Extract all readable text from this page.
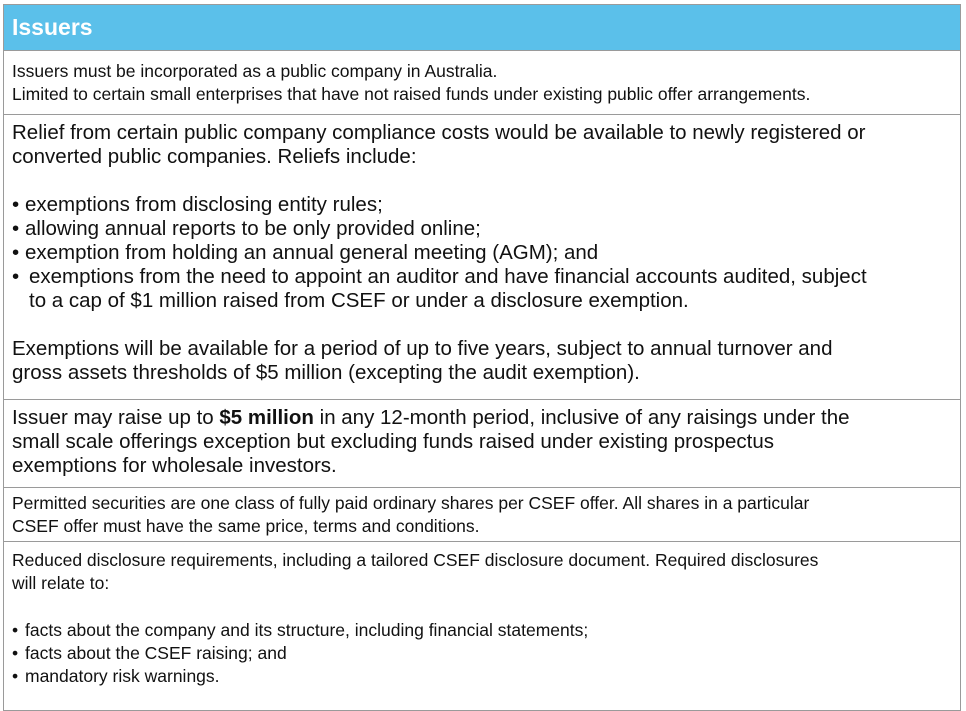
Issuers
Issuers must be incorporated as a public company in Australia.
Limited to certain small enterprises that have not raised funds under existing public offer arrangements.
Relief from certain public company compliance costs would be available to newly registered or
converted public companies. Reliefs include:
• exemptions from disclosing entity rules;
• allowing annual reports to be only provided online;
• exemption from holding an annual general meeting (AGM); and
• exemptions from the need to appoint an auditor and have financial accounts audited, subject
to a cap of $1 million raised from CSEF or under a disclosure exemption.
Exemptions will be available for a period of up to five years, subject to annual turnover and
gross assets thresholds of $5 million (excepting the audit exemption).
Issuer may raise up to $5 million in any 12-month period, inclusive of any raisings under the
small scale offerings exception but excluding funds raised under existing prospectus
exemptions for wholesale investors.
Permitted securities are one class of fully paid ordinary shares per CSEF offer. All shares in a particular
CSEF offer must have the same price, terms and conditions.
Reduced disclosure requirements, including a tailored CSEF disclosure document. Required disclosures
will relate to:
• facts about the company and its structure, including financial statements;
• facts about the CSEF raising; and
• mandatory risk warnings.
